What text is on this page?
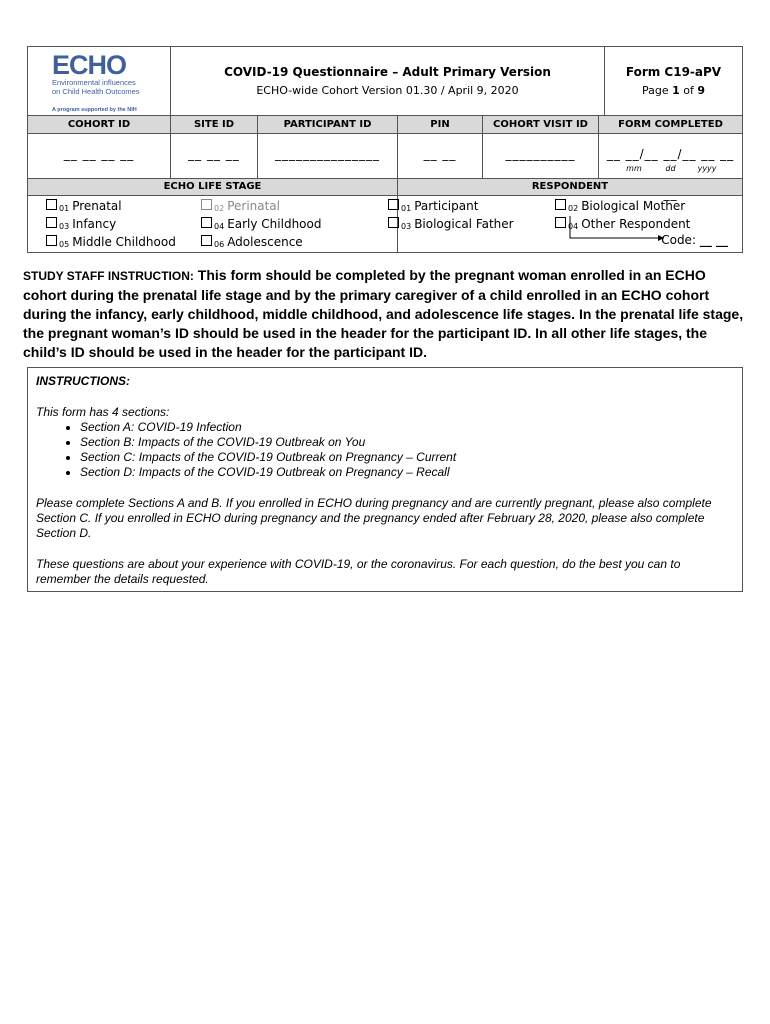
ECHO
Environmental influences
on Child Health Outcomes
A program supported by the NIH
COVID-19 Questionnaire – Adult Primary Version
ECHO-wide Cohort Version 01.30 / April 9, 2020
Form C19-aPV
Page 1 of 9
COHORT ID	SITE ID	PARTICIPANT ID	PIN	COHORT VISIT ID	FORM COMPLETED
__ __ __ __	__ __ __	_______________	__ __	__________	__ __/__ __/__ __ __ __
mm	dd	yyyy
ECHO LIFE STAGE	RESPONDENT
01 Prenatal	02 Perinatal
03 Infancy	04 Early Childhood
05 Middle Childhood	06 Adolescence
01 Participant	02 Biological Mother
03 Biological Father	04 Other Respondent
Code: __ __
STUDY STAFF INSTRUCTION: This form should be completed by the pregnant woman enrolled in an ECHO cohort during the prenatal life stage and by the primary caregiver of a child enrolled in an ECHO cohort during the infancy, early childhood, middle childhood, and adolescence life stages. In the prenatal life stage, the pregnant woman’s ID should be used in the header for the participant ID. In all other life stages, the child’s ID should be used in the header for the participant ID.

INSTRUCTIONS:

This form has 4 sections:

• Section A: COVID-19 Infection
• Section B: Impacts of the COVID-19 Outbreak on You
• Section C: Impacts of the COVID-19 Outbreak on Pregnancy – Current
• Section D: Impacts of the COVID-19 Outbreak on Pregnancy – Recall

Please complete Sections A and B. If you enrolled in ECHO during pregnancy and are currently pregnant, please also complete Section C. If you enrolled in ECHO during pregnancy and the pregnancy ended after February 28, 2020, please also complete Section D.

These questions are about your experience with COVID-19, or the coronavirus. For each question, do the best you can to remember the details requested.
